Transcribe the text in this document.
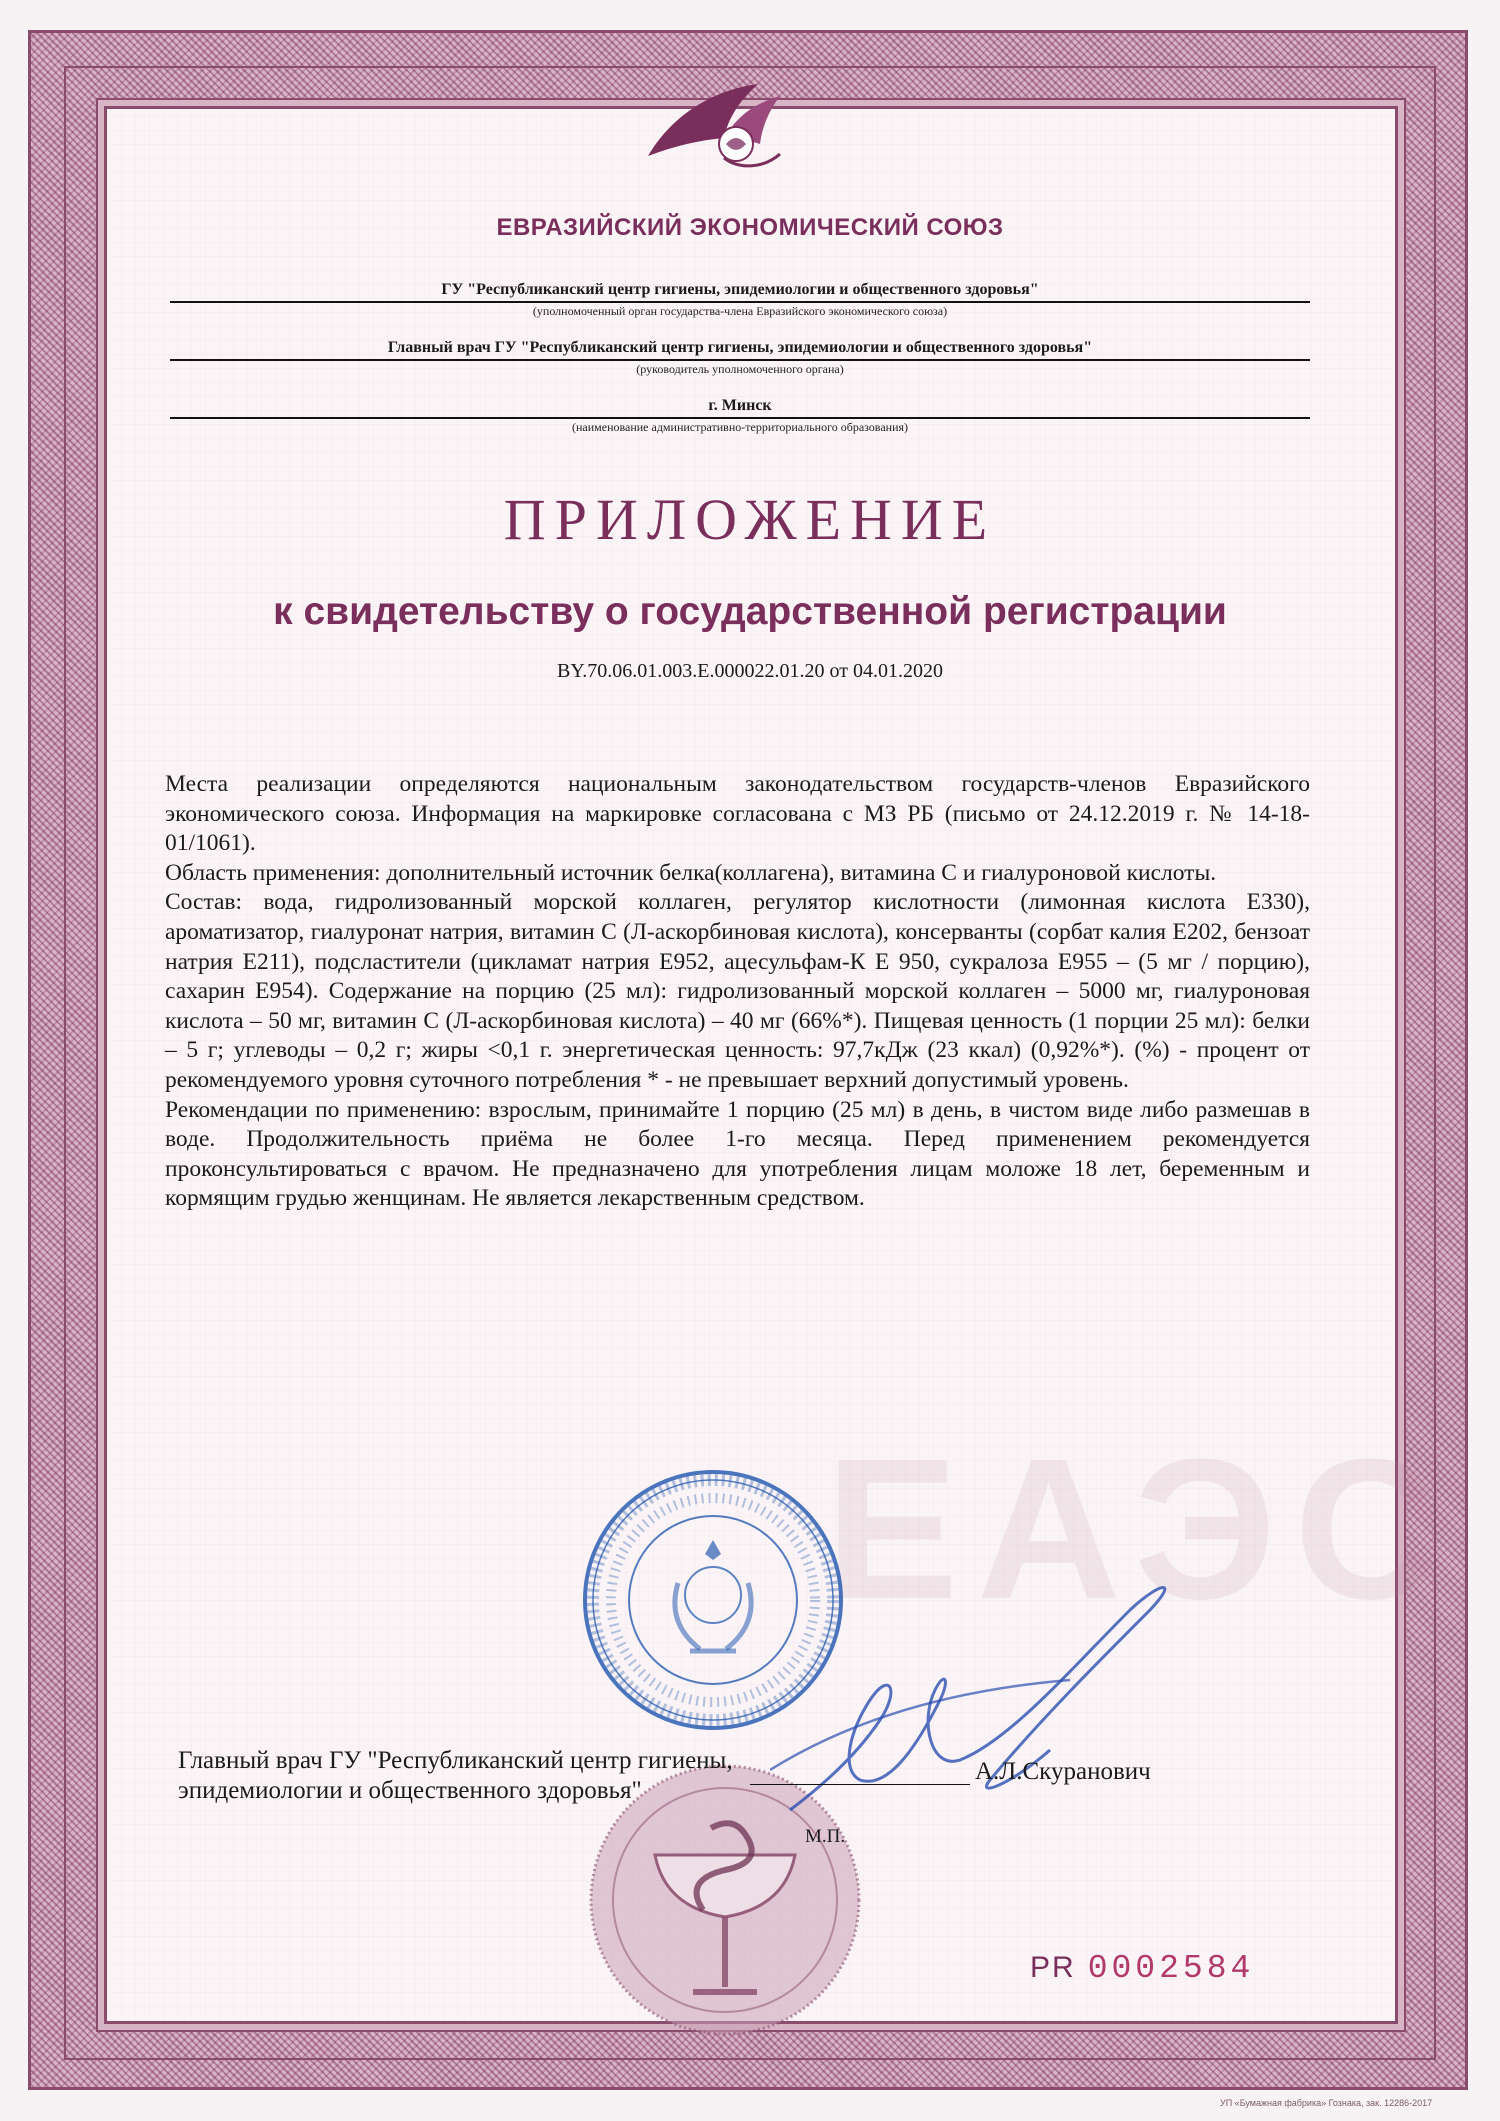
ЕВРАЗИЙСКИЙ ЭКОНОМИЧЕСКИЙ СОЮЗ
ГУ "Республиканский центр гигиены, эпидемиологии и общественного здоровья"
(уполномоченный орган государства-члена Евразийского экономического союза)
Главный врач ГУ "Республиканский центр гигиены, эпидемиологии и общественного здоровья"
(руководитель уполномоченного органа)
г. Минск
(наименование административно-территориального образования)
ПРИЛОЖЕНИЕ
к свидетельству о государственной регистрации
BY.70.06.01.003.E.000022.01.20 от 04.01.2020
ЕАЭС

Места реализации определяются национальным законодательством государств-членов Евразийского экономического союза. Информация на маркировке согласована с МЗ РБ (письмо от 24.12.2019 г. № 14-18-01/1061).

Область применения: дополнительный источник белка(коллагена), витамина С и гиалуроновой кислоты.

Состав: вода, гидролизованный морской коллаген, регулятор кислотности (лимонная кислота Е330), ароматизатор, гиалуронат натрия, витамин С (Л-аскорбиновая кислота), консерванты (сорбат калия Е202, бензоат натрия Е211), подсластители (цикламат натрия Е952, ацесульфам-К Е 950, сукралоза Е955 – (5 мг / порцию), сахарин Е954). Содержание на порцию (25 мл): гидролизованный морской коллаген – 5000 мг, гиалуроновая кислота – 50 мг, витамин С (Л-аскорбиновая кислота) – 40 мг (66%*). Пищевая ценность (1 порции 25 мл): белки – 5 г; углеводы – 0,2 г; жиры <0,1 г. энергетическая ценность: 97,7кДж (23 ккал) (0,92%*). (%) - процент от рекомендуемого уровня суточного потребления * - не превышает верхний допустимый уровень.

Рекомендации по применению: взрослым, принимайте 1 порцию (25 мл) в день, в чистом виде либо размешав в воде. Продолжительность приёма не более 1-го месяца. Перед применением рекомендуется проконсультироваться с врачом. Не предназначено для употребления лицам моложе 18 лет, беременным и кормящим грудью женщинам. Не является лекарственным средством.

Главный врач ГУ "Республиканский центр гигиены, эпидемиологии и общественного здоровья"
А.Л.Скуранович
М.П.
PR 0002584
УП «Бумажная фабрика» Гознака, зак. 12286-2017
